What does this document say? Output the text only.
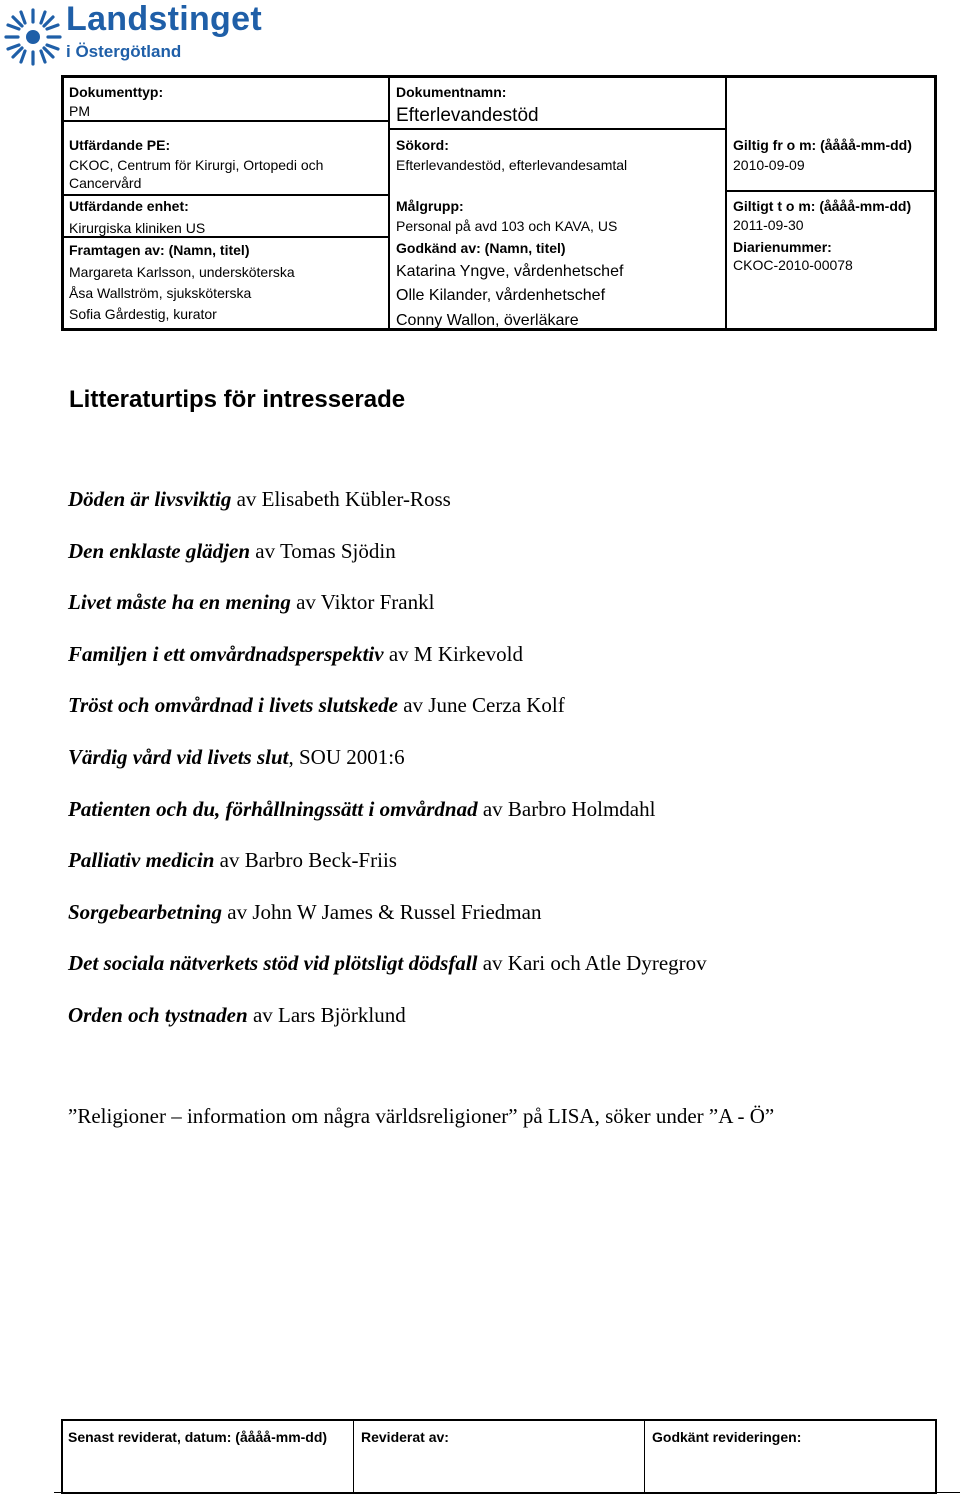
Landstinget
i Östergötland
Dokumenttyp:
PM
Utfärdande PE:
CKOC, Centrum för Kirurgi, Ortopedi och
Cancervård
Utfärdande enhet:
Kirurgiska kliniken US
Framtagen av: (Namn, titel)
Margareta Karlsson, undersköterska
Åsa Wallström, sjuksköterska
Sofia Gårdestig, kurator
Dokumentnamn:
Efterlevandestöd
Sökord:
Efterlevandestöd, efterlevandesamtal
Målgrupp:
Personal på avd 103 och KAVA, US
Godkänd av: (Namn, titel)
Katarina Yngve, vårdenhetschef
Olle Kilander, vårdenhetschef
Conny Wallon, överläkare
Giltig fr o m: (åååå-mm-dd)
2010-09-09
Giltigt t o m: (åååå-mm-dd)
2011-09-30
Diarienummer:
CKOC-2010-00078
Litteraturtips för intresserade
Döden är livsviktig av Elisabeth Kübler-Ross
Den enklaste glädjen av Tomas Sjödin
Livet måste ha en mening av Viktor Frankl
Familjen i ett omvårdnadsperspektiv av M Kirkevold
Tröst och omvårdnad i livets slutskede av June Cerza Kolf
Värdig vård vid livets slut, SOU 2001:6
Patienten och du, förhållningssätt i omvårdnad av Barbro Holmdahl
Palliativ medicin av Barbro Beck-Friis
Sorgebearbetning av John W James & Russel Friedman
Det sociala nätverkets stöd vid plötsligt dödsfall av Kari och Atle Dyregrov
Orden och tystnaden av Lars Björklund
”Religioner – information om några världsreligioner” på LISA, söker under ”A - Ö”
Senast reviderat, datum: (åååå-mm-dd) Reviderat av:	Godkänt revideringen:
